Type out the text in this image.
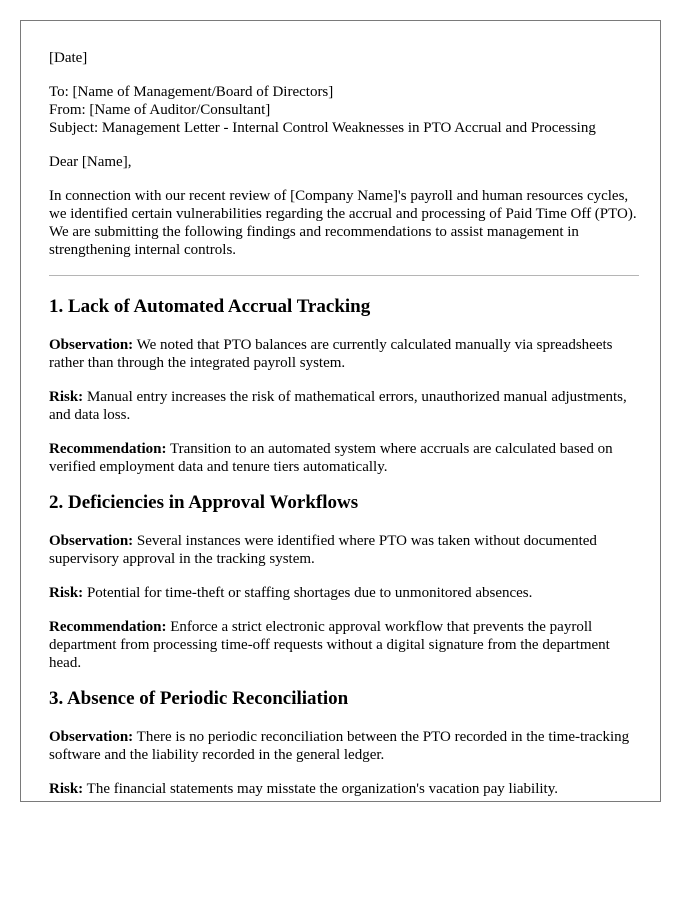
[Date]

To: [Name of Management/Board of Directors]

From: [Name of Auditor/Consultant]

Subject: Management Letter - Internal Control Weaknesses in PTO Accrual and Processing

Dear [Name],

In connection with our recent review of [Company Name]'s payroll and human resources cycles, we identified certain vulnerabilities regarding the accrual and processing of Paid Time Off (PTO). We are submitting the following findings and recommendations to assist management in strengthening internal controls.

1. Lack of Automated Accrual Tracking

Observation: We noted that PTO balances are currently calculated manually via spreadsheets rather than through the integrated payroll system.

Risk: Manual entry increases the risk of mathematical errors, unauthorized manual adjustments, and data loss.

Recommendation: Transition to an automated system where accruals are calculated based on verified employment data and tenure tiers automatically.

2. Deficiencies in Approval Workflows

Observation: Several instances were identified where PTO was taken without documented supervisory approval in the tracking system.

Risk: Potential for time-theft or staffing shortages due to unmonitored absences.

Recommendation: Enforce a strict electronic approval workflow that prevents the payroll department from processing time-off requests without a digital signature from the department head.

3. Absence of Periodic Reconciliation

Observation: There is no periodic reconciliation between the PTO recorded in the time-tracking software and the liability recorded in the general ledger.

Risk: The financial statements may misstate the organization's vacation pay liability.
